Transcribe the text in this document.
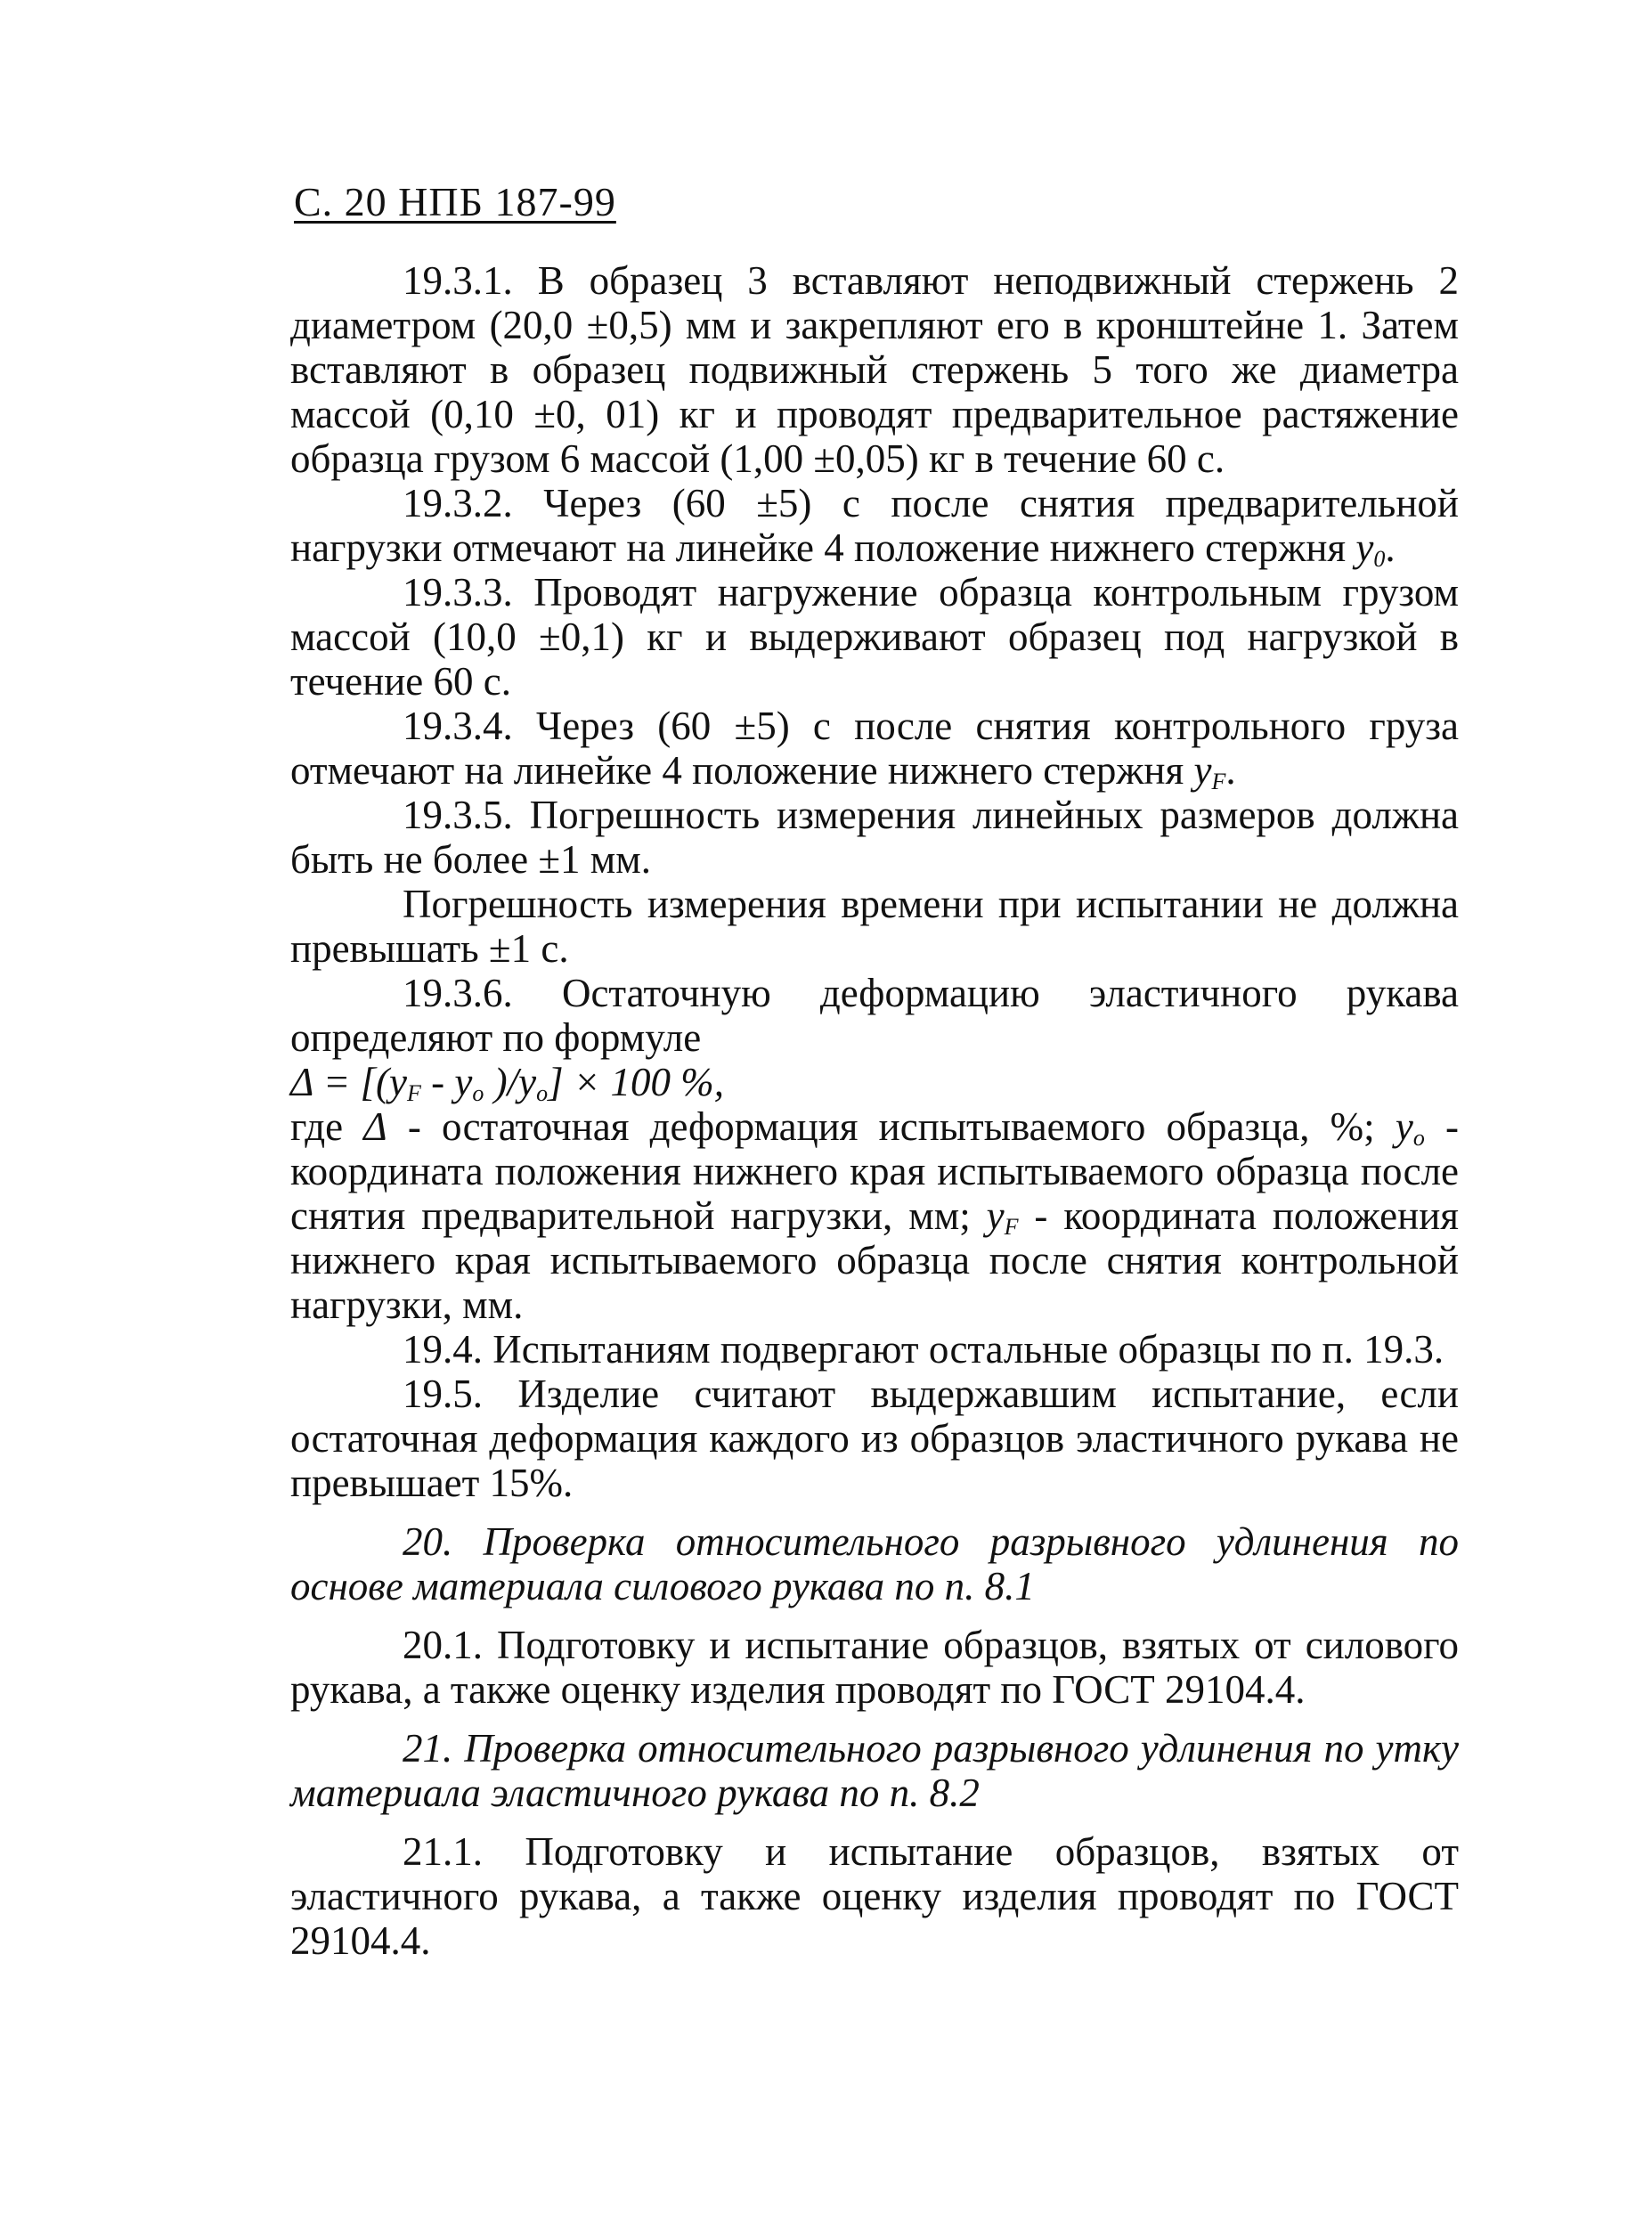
С. 20 НПБ 187-99

19.3.1. В образец 3 вставляют неподвижный стержень 2 диаметром (20,0 ±0,5) мм и закрепляют его в кронштейне 1. Затем вставляют в образец подвижный стержень 5 того же диаметра массой (0,10 ±0, 01) кг и проводят предварительное растяжение образца грузом 6 массой (1,00 ±0,05) кг в течение 60 с.

19.3.2. Через (60 ±5) с после снятия предварительной нагрузки отмечают на линейке 4 положение нижнего стержня $y_0$.

19.3.3. Проводят нагружение образца контрольным грузом массой (10,0 ±0,1) кг и выдерживают образец под нагрузкой в течение 60 с.

19.3.4. Через (60 ±5) с после снятия контрольного груза отмечают на линейке 4 положение нижнего стержня $y_F$.

19.3.5. Погрешность измерения линейных размеров должна быть не более ±1 мм.

Погрешность измерения времени при испытании не должна превышать ±1 с.

19.3.6. Остаточную деформацию эластичного рукава определяют по формуле

$\Delta = [(y_F - y_o$ )$/y_o] \times 100$ %,

где Δ - остаточная деформация испытываемого образца, %; $y_o$ - координата положения нижнего края испытываемого образца после снятия предварительной нагрузки, мм; $y_F$ - координата положения нижнего края испытываемого образца после снятия контрольной нагрузки, мм.

19.4. Испытаниям подвергают остальные образцы по п. 19.3.

19.5. Изделие считают выдержавшим испытание, если остаточная деформация каждого из образцов эластичного рукава не превышает 15%.

20. Проверка относительного разрывного удлинения по основе материала силового рукава по п. 8.1

20.1. Подготовку и испытание образцов, взятых от силового рукава, а также оценку изделия проводят по ГОСТ 29104.4.

21. Проверка относительного разрывного удлинения по утку материала эластичного рукава по п. 8.2

21.1. Подготовку и испытание образцов, взятых от эластичного рукава, а также оценку изделия проводят по ГОСТ 29104.4.
